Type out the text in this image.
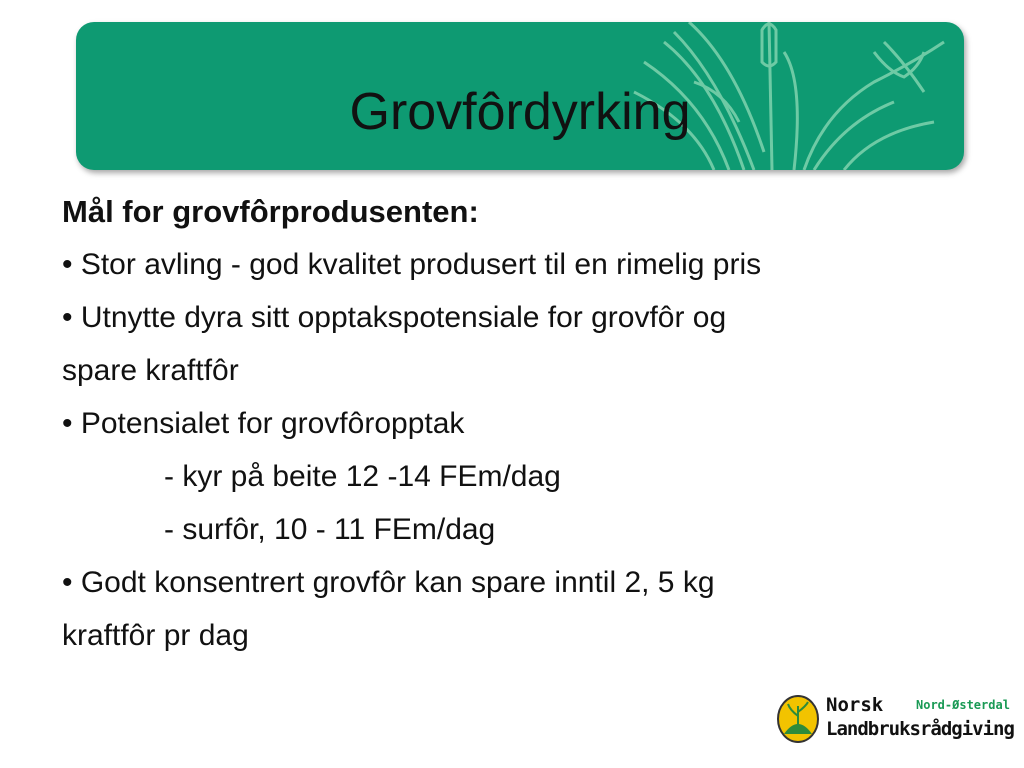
Grovfôrdyrking
Mål for grovfôrprodusenten:
• Stor avling - god kvalitet produsert til en rimelig pris
• Utnytte dyra sitt opptakspotensiale for grovfôr og
spare kraftfôr
• Potensialet for grovfôropptak
- kyr på beite 12 -14 FEm/dag
- surfôr, 10 - 11 FEm/dag
• Godt konsentrert grovfôr kan spare inntil 2, 5 kg
kraftfôr pr dag
Norsk	Nord-Østerdal
Landbruksrådgiving
